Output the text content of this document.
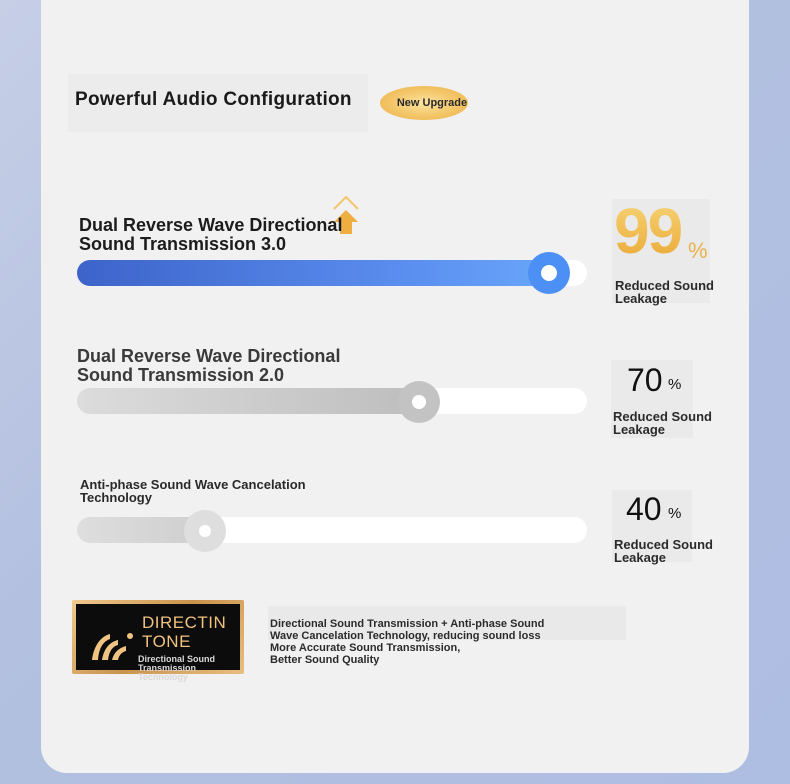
Powerful Audio Configuration	New Upgrade

Dual Reverse Wave Directional
Sound Transmission 3.0	99 %

Reduced Sound
Leakage

Dual Reverse Wave Directional
Sound Transmission 2.0	70 %

Reduced Sound
Leakage

Anti-phase Sound Wave Cancelation
Technology	40 %

Reduced Sound
Leakage

DIRECTIN
TONE

Directional Sound Transmission
Technology

Directional Sound Transmission + Anti-phase Sound
Wave Cancelation Technology, reducing sound loss
More Accurate Sound Transmission,
Better Sound Quality
